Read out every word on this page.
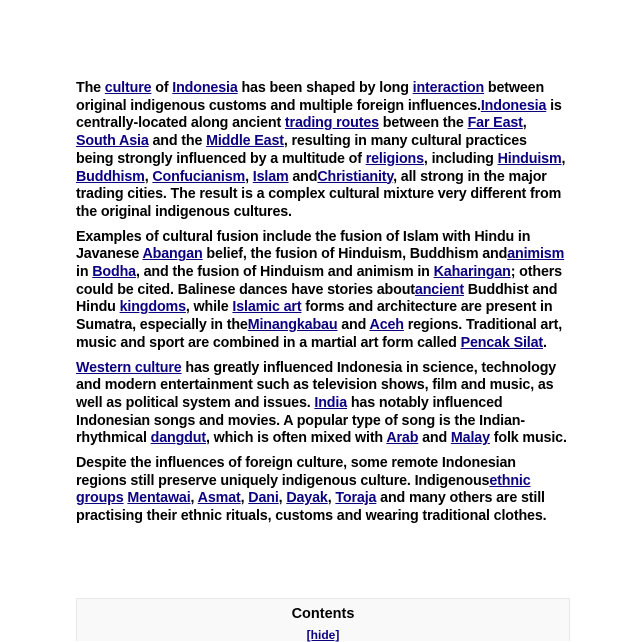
The culture of Indonesia has been shaped by long interaction between original indigenous customs and multiple foreign influences.Indonesia is centrally-located along ancient trading routes between the Far East, South Asia and the Middle East, resulting in many cultural practices being strongly influenced by a multitude of religions, including Hinduism, Buddhism, Confucianism, Islam andChristianity, all strong in the major trading cities. The result is a complex cultural mixture very different from the original indigenous cultures.

Examples of cultural fusion include the fusion of Islam with Hindu in Javanese Abangan belief, the fusion of Hinduism, Buddhism andanimism in Bodha, and the fusion of Hinduism and animism in Kaharingan; others could be cited. Balinese dances have stories aboutancient Buddhist and Hindu kingdoms, while Islamic art forms and architecture are present in Sumatra, especially in theMinangkabau and Aceh regions. Traditional art, music and sport are combined in a martial art form called Pencak Silat.

Western culture has greatly influenced Indonesia in science, technology and modern entertainment such as television shows, film and music, as well as political system and issues. India has notably influenced Indonesian songs and movies. A popular type of song is the Indian-rhythmical dangdut, which is often mixed with Arab and Malay folk music.

Despite the influences of foreign culture, some remote Indonesian regions still preserve uniquely indigenous culture. Indigenousethnic groups Mentawai, Asmat, Dani, Dayak, Toraja and many others are still practising their ethnic rituals, customs and wearing traditional clothes.

Contents
[hide]
